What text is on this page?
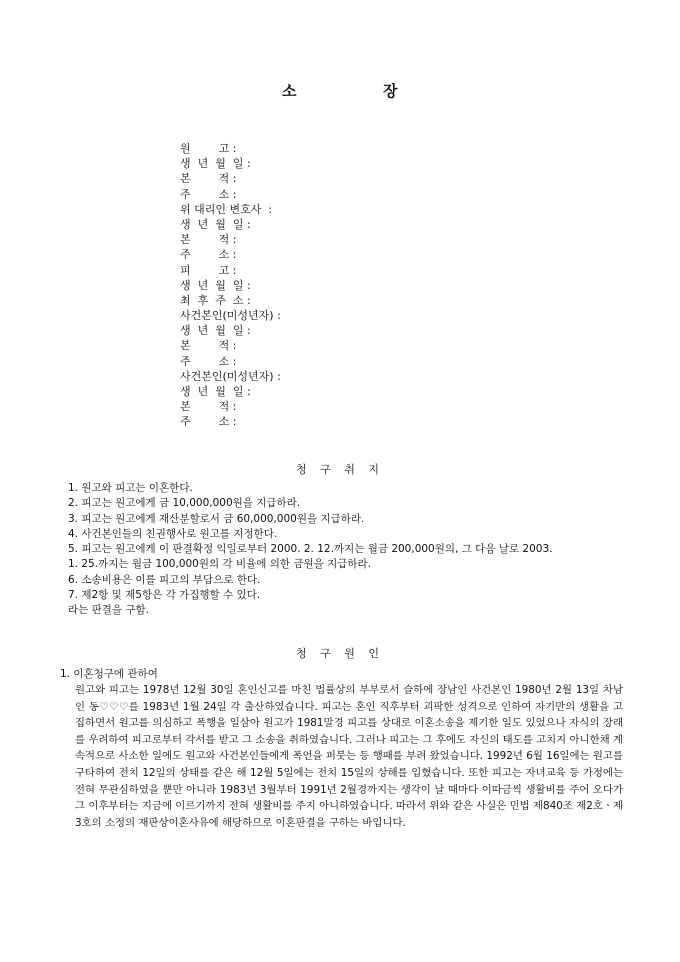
소	장
원        고 :
생  년  월  일 :
본        적 :
주        소 :
위 대리인 변호사  :
생  년  월  일 :
본        적 :
주        소 :
피        고 :
생  년  월  일 :
최  후  주  소 :
사건본인(미성년자) :
생  년  월  일 :
본        적 :
주        소 :
사건본인(미성년자) :
생  년  월  일 :
본        적 :
주        소 :
청 구 취 지
1. 원고와 피고는 이혼한다.
2. 피고는 원고에게 금 10,000,000원을 지급하라.
3. 피고는 원고에게 재산분할로서 금 60,000,000원을 지급하라.
4. 사건본인들의 친권행사로 원고를 지정한다.
5. 피고는 원고에게 이 판결확정 익일로부터 2000. 2. 12.까지는 월금 200,000원의, 그 다음 날로 2003.
1. 25.까지는 월금 100,000원의 각 비율에 의한 금원을 지급하라.
6. 소송비용은 이를 피고의 부담으로 한다.
7. 제2항 및 제5항은 각 가집행할 수 있다.
라는 판결을 구함.
청 구 원 인
1. 이혼청구에 관하여
원고와 피고는 1978년 12월 30일 혼인신고를 마친 법률상의 부부로서 슬하에 장남인 사건본인 1980년 2월 13일 차남인 동♡♡♡를 1983년 1월 24일 각 출산하였습니다. 피고는 혼인 직후부터 괴팍한 성격으로 인하여 자기만의 생활을 고집하면서 원고를 의심하고 폭행을 일삼아 원고가 1981말경 피고를 상대로 이혼소송을 제기한 일도 있었으나 자식의 장래를 우려하여 피고로부터 각서를 받고 그 소송을 취하였습니다. 그러나 피고는 그 후에도 자신의 태도를 고치지 아니한채 계속적으로 사소한 일에도 원고와 사건본인들에게 폭언을 퍼붓는 등 행패를 부려 왔었습니다. 1992년 6월 16일에는 원고를 구타하여 전치 12일의 상태를 같은 해 12월 5일에는 전치 15일의 상해를 입혔습니다. 또한 피고는 자녀교육 등 가정에는 전혀 무관심하였을 뿐만 아니라 1983년 3월부터 1991년 2월경까지는 생각이 날 때마다 이따금씩 생활비를 주어 오다가 그 이후부터는 지금에 이르기까지 전혀 생활비를 주지 아니하였습니다. 따라서 위와 같은 사실은 민법 제840조 제2호ㆍ제3호의 소정의 재판상이혼사유에 해당하므로 이혼판결을 구하는 바입니다.
